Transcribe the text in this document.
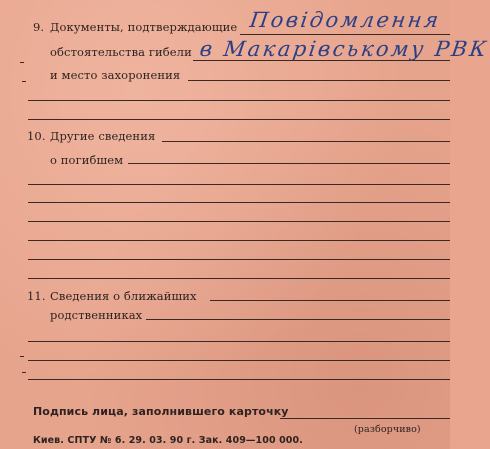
9. Документы, подтверждающие Повідомлення
обстоятельства гибели в Макарівському РВК
и место захоронения
10. Другие сведения
о погибшем
11. Сведения о ближайших
родственниках
Подпись лица, заполнившего карточку
(разборчиво)
Киев. СПТУ № 6. 29. 03. 90 г. Зак. 409—100 000.
